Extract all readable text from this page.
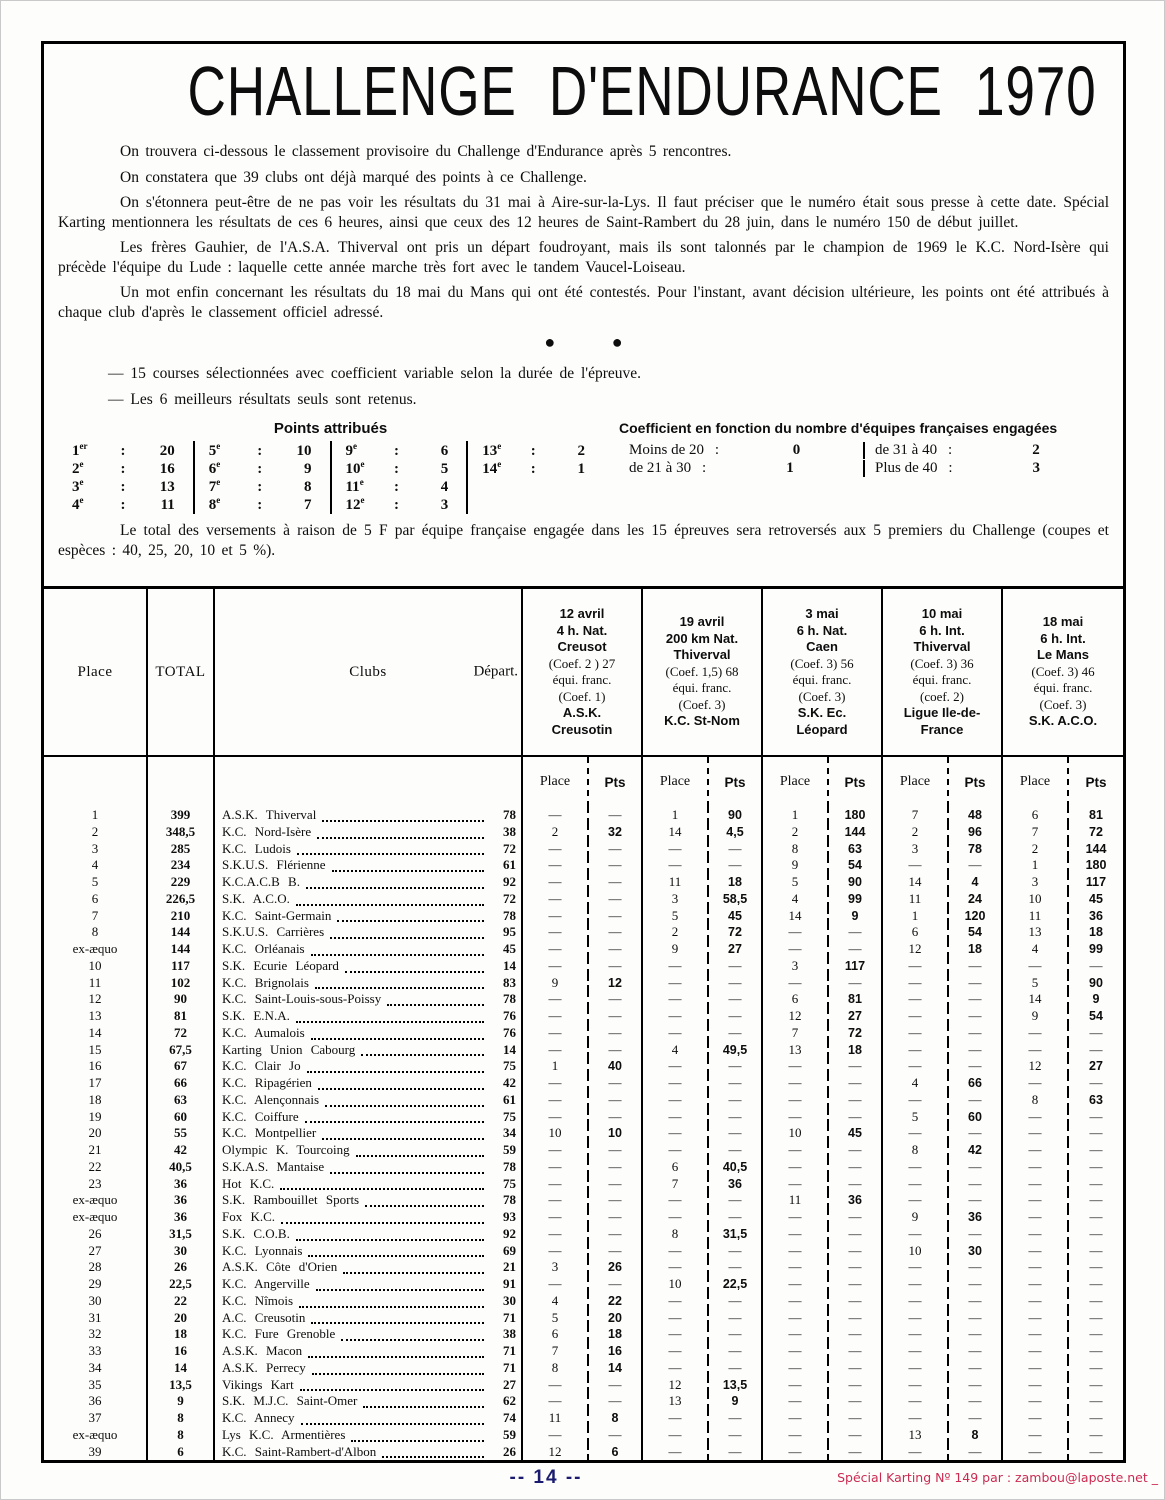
CHALLENGE D'ENDURANCE 1970

On trouvera ci-dessous le classement provisoire du Challenge d'Endurance après 5 rencontres.

On constatera que 39 clubs ont déjà marqué des points à ce Challenge.

On s'étonnera peut-être de ne pas voir les résultats du 31 mai à Aire-sur-la-Lys. Il faut préciser que le numéro était sous presse à cette date. Spécial Karting mentionnera les résultats de ces 6 heures, ainsi que ceux des 12 heures de Saint-Rambert du 28 juin, dans le numéro 150 de début juillet.

Les frères Gauhier, de l'A.S.A. Thiverval ont pris un départ foudroyant, mais ils sont talonnés par le champion de 1969 le K.C. Nord-Isère qui précède l'équipe du Lude : laquelle cette année marche très fort avec le tandem Vaucel-Loiseau.

Un mot enfin concernant les résultats du 18 mai du Mans qui ont été contestés. Pour l'instant, avant décision ultérieure, les points ont été attribués à chaque club d'après le classement officiel adressé.

● ●
— 15 courses sélectionnées avec coefficient variable selon la durée de l'épreuve.
— Les 6 meilleurs résultats seuls sont retenus.
Points attribués
1er	:	20	5e	:	10	9e	:	6	13e	:	2
2e	:	16	6e	:	9	10e	:	5	14e	:	1
3e	:	13	7e	:	8	11e	:	4
4e	:	11	8e	:	7	12e	:	3
Coefficient en fonction du nombre d'équipes françaises engagées
Moins de 20 :	0	de 31 à 40 :	2
de 21 à 30 :	1	Plus de 40 :	3

Le total des versements à raison de 5 F par équipe française engagée dans les 15 épreuves sera retroversés aux 5 premiers du Challenge (coupes et espèces : 40, 25, 20, 10 et 5 %).

Place	TOTAL	Clubs	Départ.
12 avril
4 h. Nat.
Creusot
(Coef. 2 ) 27
équi. franc.
(Coef. 1)
A.S.K.
Creusotin
19 avril
200 km Nat.
Thiverval
(Coef. 1,5) 68
équi. franc.
(Coef. 3)
K.C. St-Nom
3 mai
6 h. Nat.
Caen
(Coef. 3) 56
équi. franc.
(Coef. 3)
S.K. Ec.
Léopard
10 mai
6 h. Int.
Thiverval
(Coef. 3) 36
équi. franc.
(coef. 2)
Ligue Ile-de-
France
18 mai
6 h. Int.
Le Mans
(Coef. 3) 46
équi. franc.
(Coef. 3)
S.K. A.C.O.
Place	Pts	Place	Pts	Place	Pts	Place	Pts	Place	Pts
1	399	A.S.K. Thiverval	78	—	—	1	90	1	180	7	48	6	81
2	348,5	K.C. Nord-Isère	38	2	32	14	4,5	2	144	2	96	7	72
3	285	K.C. Ludois	72	—	—	—	—	8	63	3	78	2	144
4	234	S.K.U.S. Flérienne	61	—	—	—	—	9	54	—	—	1	180
5	229	K.C.A.C.B B.	92	—	—	11	18	5	90	14	4	3	117
6	226,5	S.K. A.C.O.	72	—	—	3	58,5	4	99	11	24	10	45
7	210	K.C. Saint-Germain	78	—	—	5	45	14	9	1	120	11	36
8	144	S.K.U.S. Carrières	95	—	—	2	72	—	—	6	54	13	18
ex-æquo	144	K.C. Orléanais	45	—	—	9	27	—	—	12	18	4	99
10	117	S.K. Ecurie Léopard	14	—	—	—	—	3	117	—	—	—	—
11	102	K.C. Brignolais	83	9	12	—	—	—	—	—	—	5	90
12	90	K.C. Saint-Louis-sous-Poissy	78	—	—	—	—	6	81	—	—	14	9
13	81	S.K. E.N.A.	76	—	—	—	—	12	27	—	—	9	54
14	72	K.C. Aumalois	76	—	—	—	—	7	72	—	—	—	—
15	67,5	Karting Union Cabourg	14	—	—	4	49,5	13	18	—	—	—	—
16	67	K.C. Clair Jo	75	1	40	—	—	—	—	—	—	12	27
17	66	K.C. Ripagérien	42	—	—	—	—	—	—	4	66	—	—
18	63	K.C. Alençonnais	61	—	—	—	—	—	—	—	—	8	63
19	60	K.C. Coiffure	75	—	—	—	—	—	—	5	60	—	—
20	55	K.C. Montpellier	34	10	10	—	—	10	45	—	—	—	—
21	42	Olympic K. Tourcoing	59	—	—	—	—	—	—	8	42	—	—
22	40,5	S.K.A.S. Mantaise	78	—	—	6	40,5	—	—	—	—	—	—
23	36	Hot K.C.	75	—	—	7	36	—	—	—	—	—	—
ex-æquo	36	S.K. Rambouillet Sports	78	—	—	—	—	11	36	—	—	—	—
ex-æquo	36	Fox K.C.	93	—	—	—	—	—	—	9	36	—	—
26	31,5	S.K. C.O.B.	92	—	—	8	31,5	—	—	—	—	—	—
27	30	K.C. Lyonnais	69	—	—	—	—	—	—	10	30	—	—
28	26	A.S.K. Côte d'Orien	21	3	26	—	—	—	—	—	—	—	—
29	22,5	K.C. Angerville	91	—	—	10	22,5	—	—	—	—	—	—
30	22	K.C. Nîmois	30	4	22	—	—	—	—	—	—	—	—
31	20	A.C. Creusotin	71	5	20	—	—	—	—	—	—	—	—
32	18	K.C. Fure Grenoble	38	6	18	—	—	—	—	—	—	—	—
33	16	A.S.K. Macon	71	7	16	—	—	—	—	—	—	—	—
34	14	A.S.K. Perrecy	71	8	14	—	—	—	—	—	—	—	—
35	13,5	Vikings Kart	27	—	—	12	13,5	—	—	—	—	—	—
36	9	S.K. M.J.C. Saint-Omer	62	—	—	13	9	—	—	—	—	—	—
37	8	K.C. Annecy	74	11	8	—	—	—	—	—	—	—	—
ex-æquo	8	Lys K.C. Armentières	59	—	—	—	—	—	—	13	8	—	—
39	6	K.C. Saint-Rambert-d'Albon	26	12	6	—	—	—	—	—	—	—	—
-- 14 --	Spécial Karting Nº 149 par : zambou@laposte.net _
